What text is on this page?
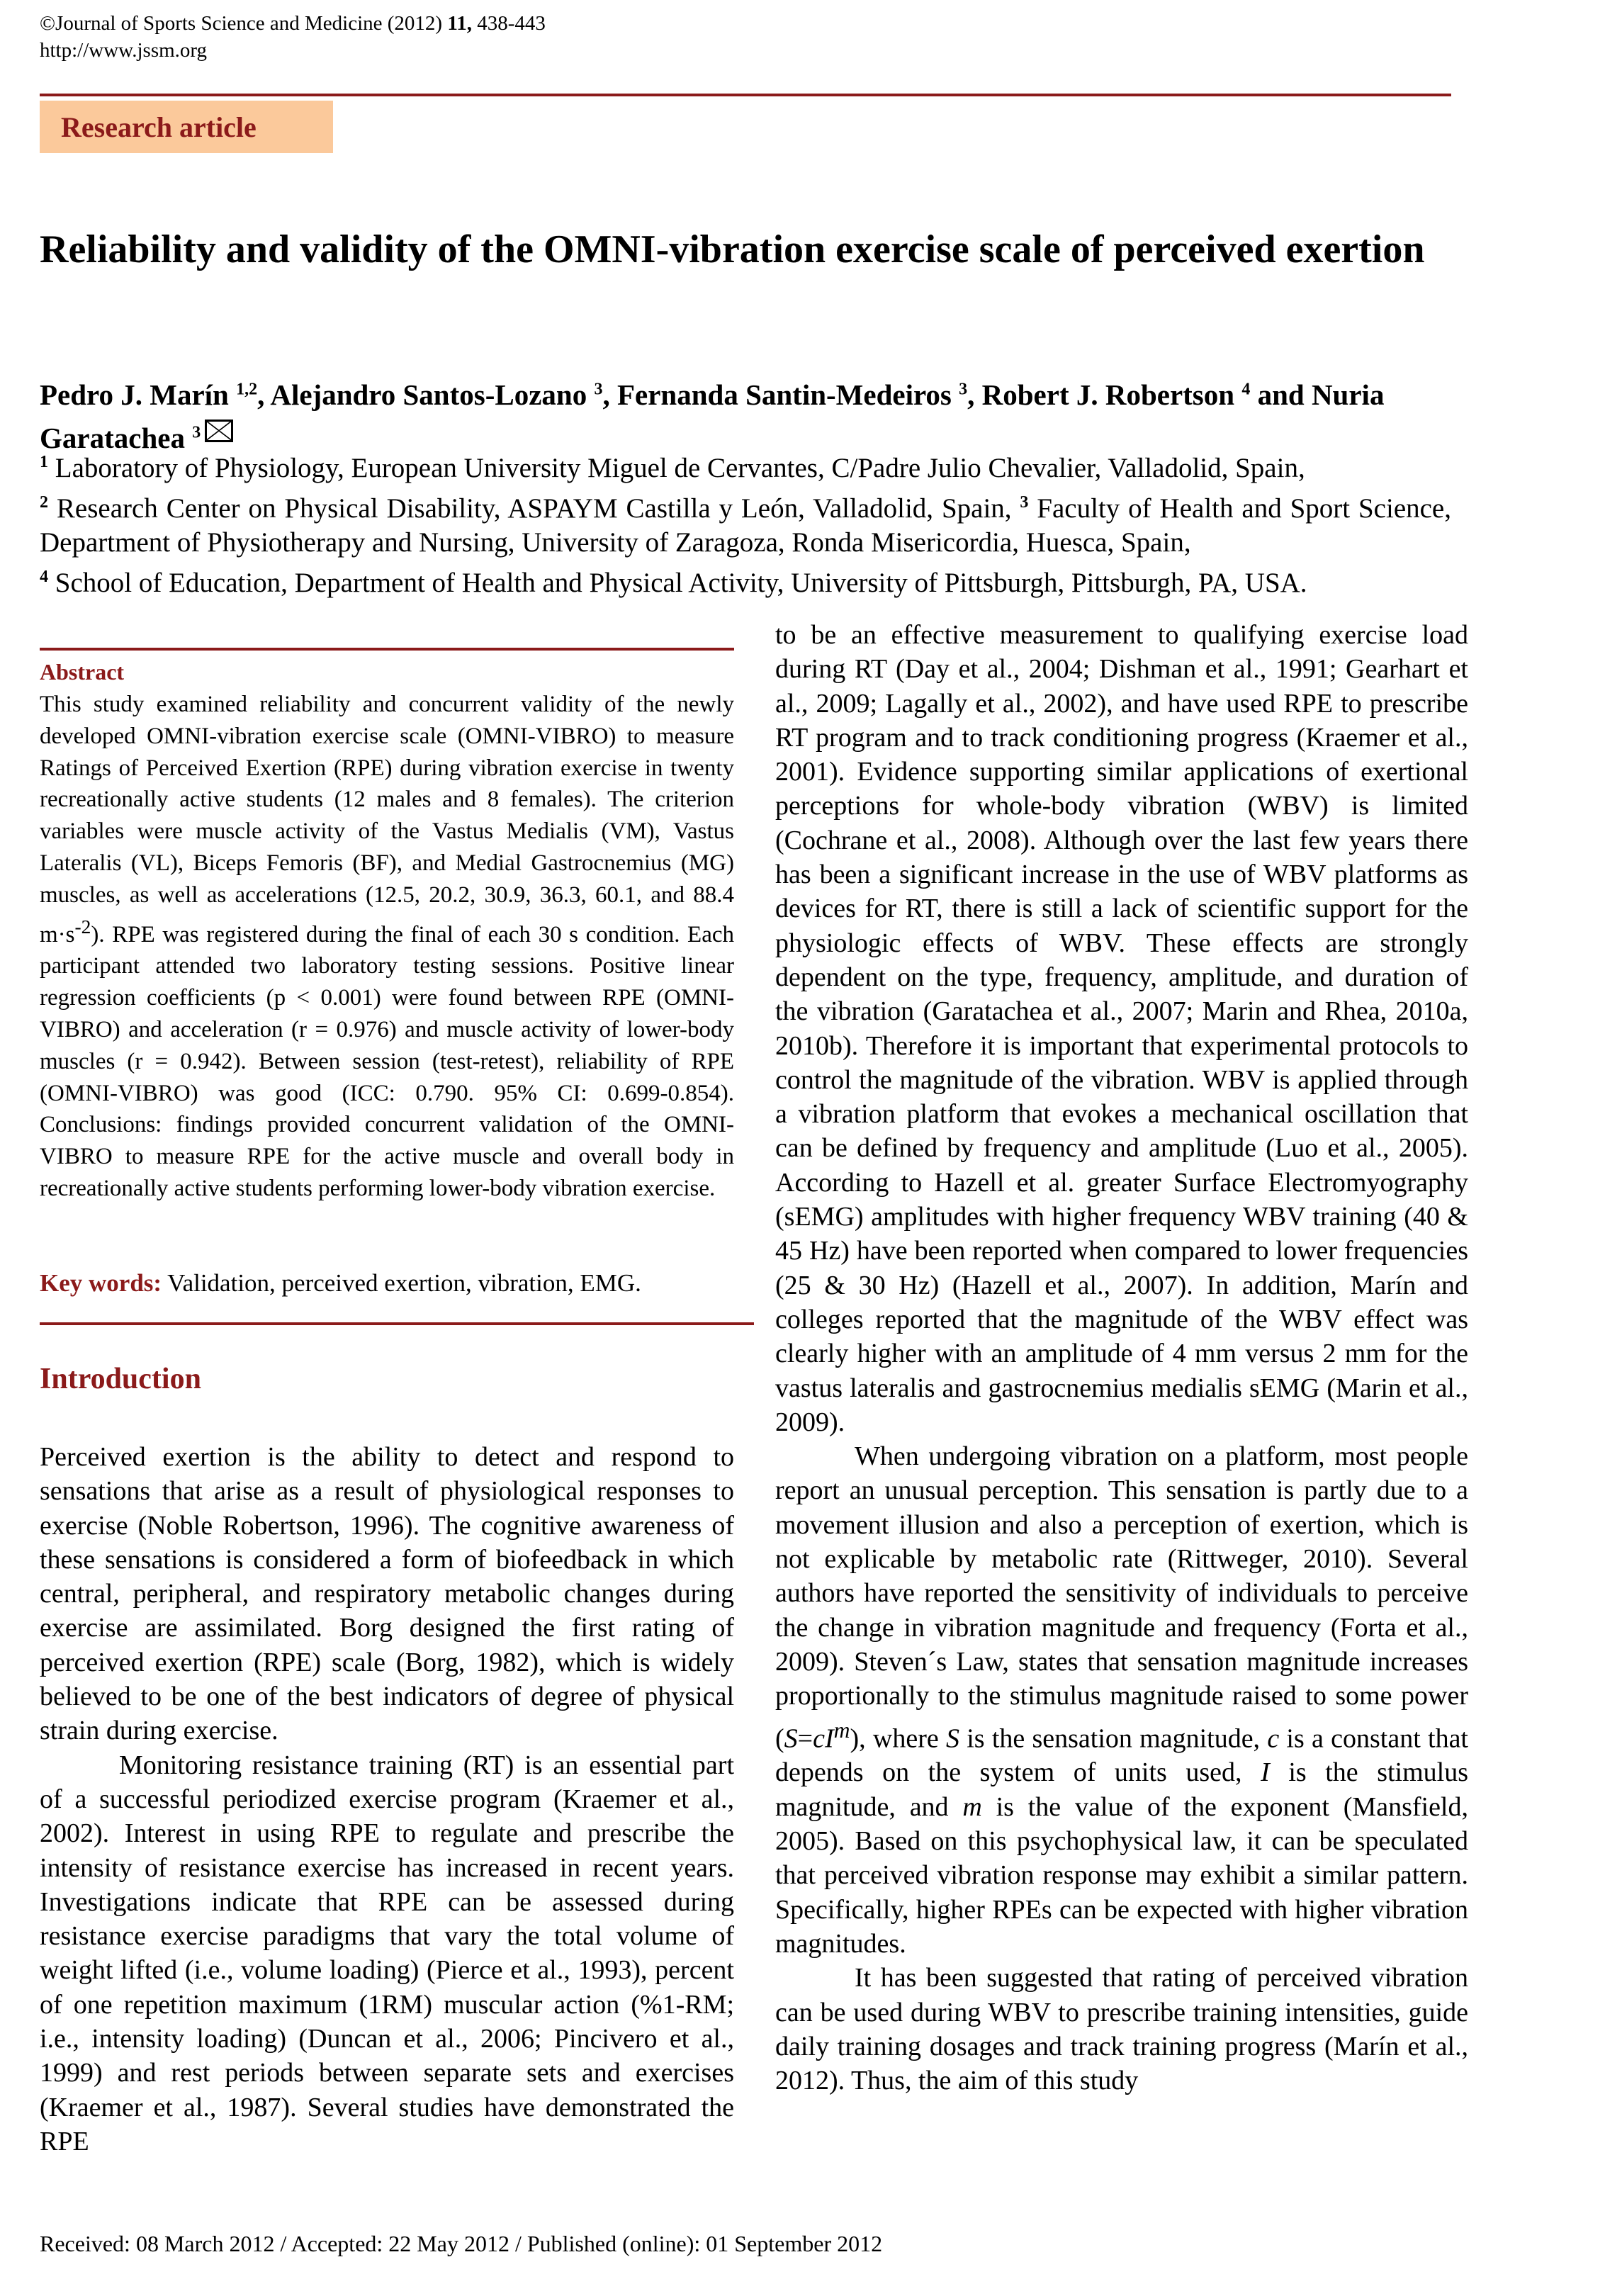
©Journal of Sports Science and Medicine (2012) 11, 438-443
http://www.jssm.org
Research article
Reliability and validity of the OMNI-vibration exercise scale of perceived exertion
Pedro J. Marín $^{1,2}$, Alejandro Santos-Lozano $^3$, Fernanda Santin-Medeiros $^3$, Robert J. Robertson $^4$ and Nuria Garatachea $^3$

$^1$ Laboratory of Physiology, European University Miguel de Cervantes, C/Padre Julio Chevalier, Valladolid, Spain,

$^2$ Research Center on Physical Disability, ASPAYM Castilla y León, Valladolid, Spain, $^3$ Faculty of Health and Sport Science, Department of Physiotherapy and Nursing, University of Zaragoza, Ronda Misericordia, Huesca, Spain,

$^4$ School of Education, Department of Health and Physical Activity, University of Pittsburgh, Pittsburgh, PA, USA.

Abstract

This study examined reliability and concurrent validity of the newly developed OMNI-vibration exercise scale (OMNI-VIBRO) to measure Ratings of Perceived Exertion (RPE) during vibration exercise in twenty recreationally active students (12 males and 8 females). The criterion variables were muscle activity of the Vastus Medialis (VM), Vastus Lateralis (VL), Biceps Femoris (BF), and Medial Gastrocnemius (MG) muscles, as well as accelerations (12.5, 20.2, 30.9, 36.3, 60.1, and 88.4 $m\cdot s^{-2}$). RPE was registered during the final of each 30 s condition. Each participant attended two laboratory testing sessions. Positive linear regression coefficients (p < 0.001) were found between RPE (OMNI-VIBRO) and acceleration (r = 0.976) and muscle activity of lower-body muscles (r = 0.942). Between session (test-retest), reliability of RPE (OMNI-VIBRO) was good (ICC: 0.790. 95% CI: 0.699-0.854). Conclusions: findings provided concurrent validation of the OMNI-VIBRO to measure RPE for the active muscle and overall body in recreationally active students performing lower-body vibration exercise.

Key words: Validation, perceived exertion, vibration, EMG.

Introduction

Perceived exertion is the ability to detect and respond to sensations that arise as a result of physiological responses to exercise (Noble Robertson, 1996). The cognitive awareness of these sensations is considered a form of biofeedback in which central, peripheral, and respiratory metabolic changes during exercise are assimilated. Borg designed the first rating of perceived exertion (RPE) scale (Borg, 1982), which is widely believed to be one of the best indicators of degree of physical strain during exercise.

Monitoring resistance training (RT) is an essential part of a successful periodized exercise program (Kraemer et al., 2002). Interest in using RPE to regulate and prescribe the intensity of resistance exercise has increased in recent years. Investigations indicate that RPE can be assessed during resistance exercise paradigms that vary the total volume of weight lifted (i.e., volume loading) (Pierce et al., 1993), percent of one repetition maximum (1RM) muscular action (%1-RM; i.e., intensity loading) (Duncan et al., 2006; Pincivero et al., 1999) and rest periods between separate sets and exercises (Kraemer et al., 1987). Several studies have demonstrated the RPE

to be an effective measurement to qualifying exercise load during RT (Day et al., 2004; Dishman et al., 1991; Gearhart et al., 2009; Lagally et al., 2002), and have used RPE to prescribe RT program and to track conditioning progress (Kraemer et al., 2001). Evidence supporting similar applications of exertional perceptions for whole-body vibration (WBV) is limited (Cochrane et al., 2008). Although over the last few years there has been a significant increase in the use of WBV platforms as devices for RT, there is still a lack of scientific support for the physiologic effects of WBV. These effects are strongly dependent on the type, frequency, amplitude, and duration of the vibration (Garatachea et al., 2007; Marin and Rhea, 2010a, 2010b). Therefore it is important that experimental protocols to control the magnitude of the vibration. WBV is applied through a vibration platform that evokes a mechanical oscillation that can be defined by frequency and amplitude (Luo et al., 2005). According to Hazell et al. greater Surface Electromyography (sEMG) amplitudes with higher frequency WBV training (40 & 45 Hz) have been reported when compared to lower frequencies (25 & 30 Hz) (Hazell et al., 2007). In addition, Marín and colleges reported that the magnitude of the WBV effect was clearly higher with an amplitude of 4 mm versus 2 mm for the vastus lateralis and gastrocnemius medialis sEMG (Marin et al., 2009).

When undergoing vibration on a platform, most people report an unusual perception. This sensation is partly due to a movement illusion and also a perception of exertion, which is not explicable by metabolic rate (Rittweger, 2010). Several authors have reported the sensitivity of individuals to perceive the change in vibration magnitude and frequency (Forta et al., 2009). Steven´s Law, states that sensation magnitude increases proportionally to the stimulus magnitude raised to some power $(S=cI^m)$, where S is the sensation magnitude, c is a constant that depends on the system of units used, I is the stimulus magnitude, and m is the value of the exponent (Mansfield, 2005). Based on this psychophysical law, it can be speculated that perceived vibration response may exhibit a similar pattern. Specifically, higher RPEs can be expected with higher vibration magnitudes.

It has been suggested that rating of perceived vibration can be used during WBV to prescribe training intensities, guide daily training dosages and track training progress (Marín et al., 2012). Thus, the aim of this study

Received: 08 March 2012 / Accepted: 22 May 2012 / Published (online): 01 September 2012
